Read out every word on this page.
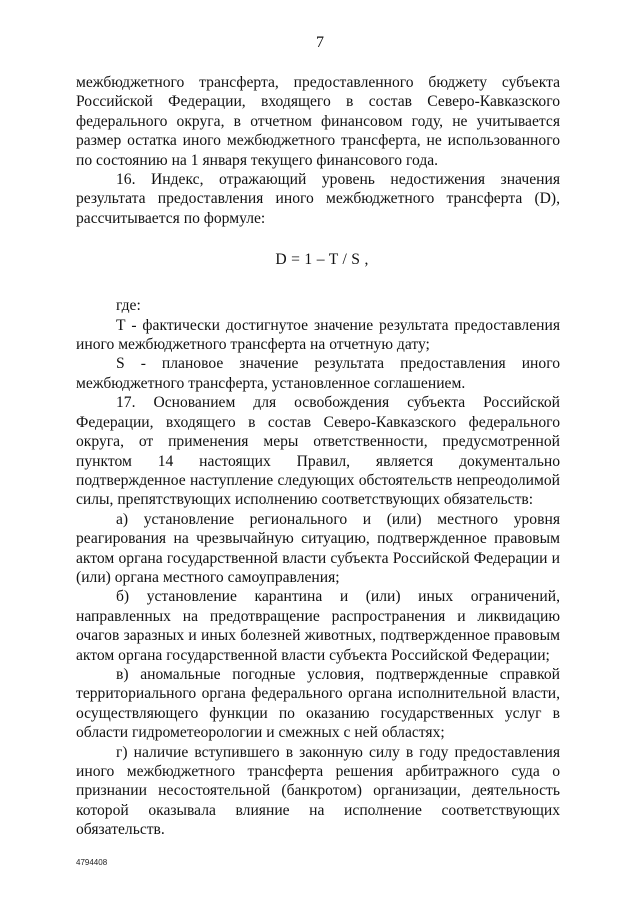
7

межбюджетного трансферта, предоставленного бюджету субъекта Российской Федерации, входящего в состав Северо-Кавказского федерального округа, в отчетном финансовом году, не учитывается размер остатка иного межбюджетного трансферта, не использованного по состоянию на 1 января текущего финансового года.

16. Индекс, отражающий уровень недостижения значения результата предоставления иного межбюджетного трансферта (D), рассчитывается по формуле:

D = 1 – T / S ,

где:

Т - фактически достигнутое значение результата предоставления иного межбюджетного трансферта на отчетную дату;

S - плановое значение результата предоставления иного межбюджетного трансферта, установленное соглашением.

17. Основанием для освобождения субъекта Российской Федерации, входящего в состав Северо-Кавказского федерального округа, от применения меры ответственности, предусмотренной пунктом 14 настоящих Правил, является документально подтвержденное наступление следующих обстоятельств непреодолимой силы, препятствующих исполнению соответствующих обязательств:

а) установление регионального и (или) местного уровня реагирования на чрезвычайную ситуацию, подтвержденное правовым актом органа государственной власти субъекта Российской Федерации и (или) органа местного самоуправления;

б) установление карантина и (или) иных ограничений, направленных на предотвращение распространения и ликвидацию очагов заразных и иных болезней животных, подтвержденное правовым актом органа государственной власти субъекта Российской Федерации;

в) аномальные погодные условия, подтвержденные справкой территориального органа федерального органа исполнительной власти, осуществляющего функции по оказанию государственных услуг в области гидрометеорологии и смежных с ней областях;

г) наличие вступившего в законную силу в году предоставления иного межбюджетного трансферта решения арбитражного суда о признании несостоятельной (банкротом) организации, деятельность которой оказывала влияние на исполнение соответствующих обязательств.

4794408
